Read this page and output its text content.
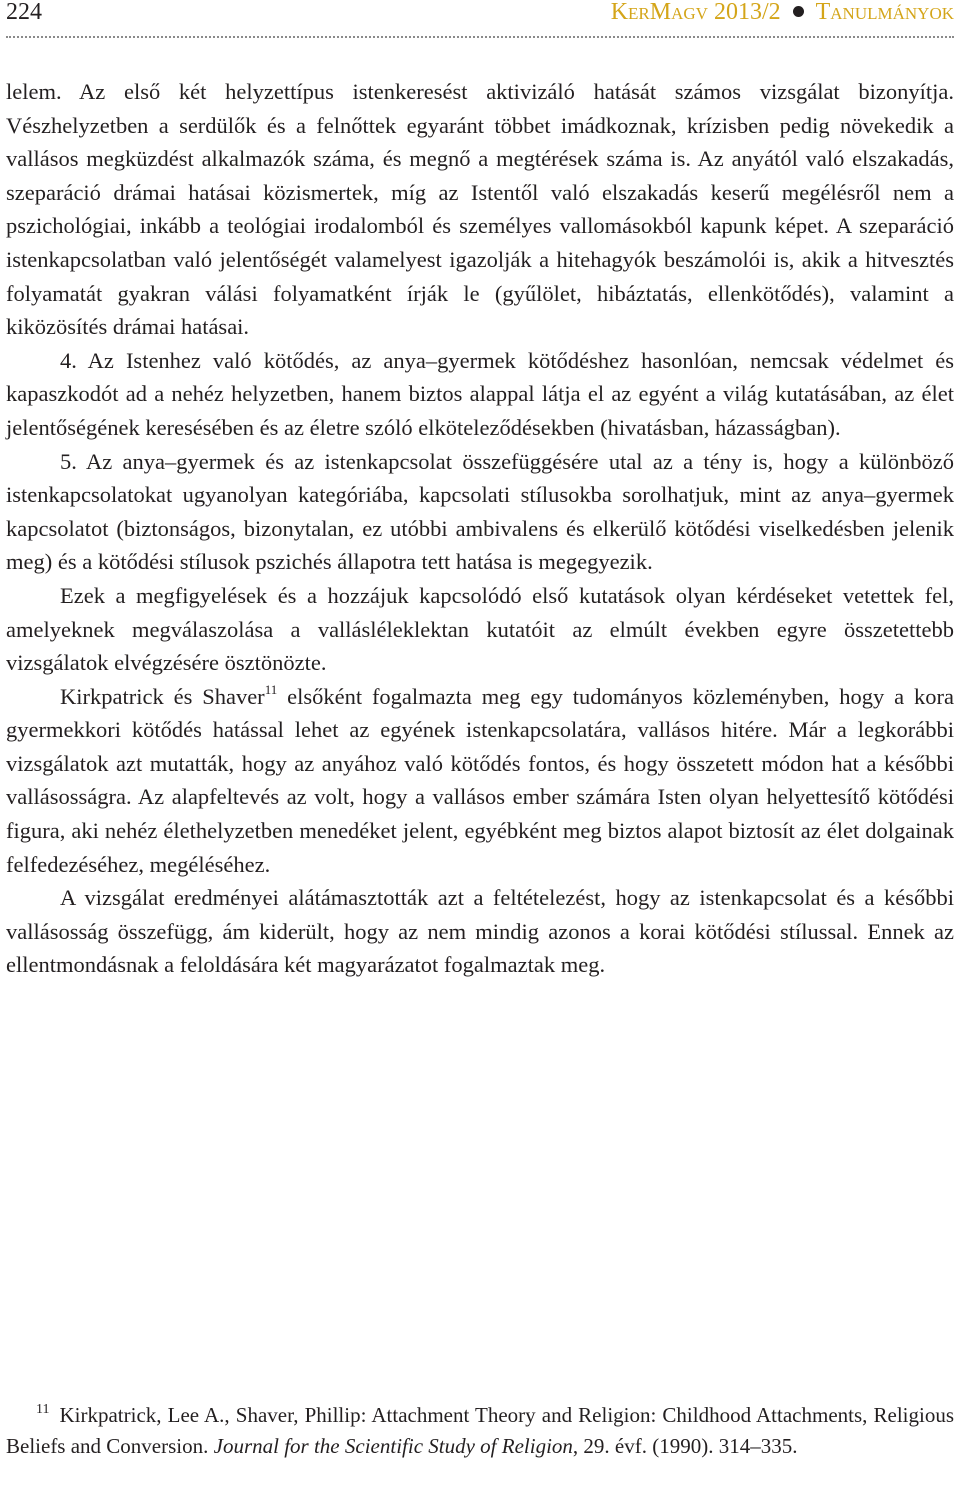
224	KerMagv 2013/2 Tanulmányok

lelem. Az első két helyzettípus istenkeresést aktivizáló hatását számos vizsgálat bizonyítja. Vészhelyzetben a serdülők és a felnőttek egyaránt többet imádkoznak, krízisben pedig növekedik a vallásos megküzdést alkalmazók száma, és megnő a megtérések száma is. Az anyától való elszakadás, szeparáció drámai hatásai közismertek, míg az Istentől való elszakadás keserű megélésről nem a pszichológiai, inkább a teológiai irodalomból és személyes vallomásokból kapunk képet. A szeparáció istenkapcsolatban való jelentőségét valamelyest igazolják a hitehagyók beszámolói is, akik a hitvesztés folyamatát gyakran válási folyamatként írják le (gyűlölet, hibáztatás, ellenkötődés), valamint a kiközösítés drámai hatásai.

4. Az Istenhez való kötődés, az anya–gyermek kötődéshez hasonlóan, nemcsak védelmet és kapaszkodót ad a nehéz helyzetben, hanem biztos alappal látja el az egyént a világ kutatásában, az élet jelentőségének keresésében és az életre szóló elköteleződésekben (hivatásban, házasságban).

5. Az anya–gyermek és az istenkapcsolat összefüggésére utal az a tény is, hogy a különböző istenkapcsolatokat ugyanolyan kategóriába, kapcsolati stílusokba sorolhatjuk, mint az anya–gyermek kapcsolatot (biztonságos, bizonytalan, ez utóbbi ambivalens és elkerülő kötődési viselkedésben jelenik meg) és a kötődési stílusok pszichés állapotra tett hatása is megegyezik.

Ezek a megfigyelések és a hozzájuk kapcsolódó első kutatások olyan kérdéseket vetettek fel, amelyeknek megválaszolása a vallásléleklektan kutatóit az elmúlt években egyre összetettebb vizsgálatok elvégzésére ösztönözte.

Kirkpatrick és Shaver$^{11}$ elsőként fogalmazta meg egy tudományos közleményben, hogy a kora gyermekkori kötődés hatással lehet az egyének istenkapcsolatára, vallásos hitére. Már a legkorábbi vizsgálatok azt mutatták, hogy az anyához való kötődés fontos, és hogy összetett módon hat a későbbi vallásosságra. Az alapfeltevés az volt, hogy a vallásos ember számára Isten olyan helyettesítő kötődési figura, aki nehéz élethelyzetben menedéket jelent, egyébként meg biztos alapot biztosít az élet dolgainak felfedezéséhez, megéléséhez.

A vizsgálat eredményei alátámasztották azt a feltételezést, hogy az istenkapcsolat és a későbbi vallásosság összefügg, ám kiderült, hogy az nem mindig azonos a korai kötődési stílussal. Ennek az ellentmondásnak a feloldására két magyarázatot fogalmaztak meg.

11 Kirkpatrick, Lee A., Shaver, Phillip: Attachment Theory and Religion: Childhood Attachments, Religious Beliefs and Conversion. Journal for the Scientific Study of Religion, 29. évf. (1990). 314–335.
